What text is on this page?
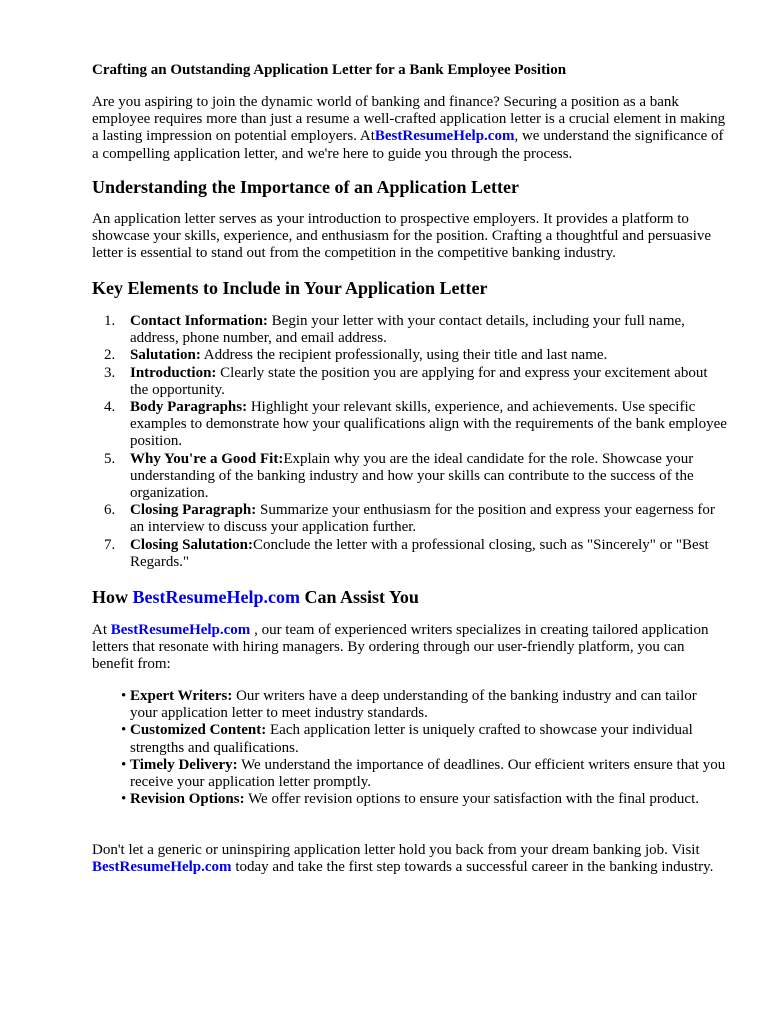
Crafting an Outstanding Application Letter for a Bank Employee Position

Are you aspiring to join the dynamic world of banking and finance? Securing a position as a bank employee requires more than just a resume a well-crafted application letter is a crucial element in making a lasting impression on potential employers. AtBestResumeHelp.com, we understand the significance of a compelling application letter, and we're here to guide you through the process.

Understanding the Importance of an Application Letter

An application letter serves as your introduction to prospective employers. It provides a platform to showcase your skills, experience, and enthusiasm for the position. Crafting a thoughtful and persuasive letter is essential to stand out from the competition in the competitive banking industry.

Key Elements to Include in Your Application Letter
1. Contact Information: Begin your letter with your contact details, including your full name, address, phone number, and email address.
2. Salutation: Address the recipient professionally, using their title and last name.
3. Introduction: Clearly state the position you are applying for and express your excitement about the opportunity.
4. Body Paragraphs: Highlight your relevant skills, experience, and achievements. Use specific examples to demonstrate how your qualifications align with the requirements of the bank employee position.
5. Why You're a Good Fit:Explain why you are the ideal candidate for the role. Showcase your understanding of the banking industry and how your skills can contribute to the success of the organization.
6. Closing Paragraph: Summarize your enthusiasm for the position and express your eagerness for an interview to discuss your application further.
7. Closing Salutation:Conclude the letter with a professional closing, such as "Sincerely" or "Best Regards."
How BestResumeHelp.com Can Assist You

At BestResumeHelp.com , our team of experienced writers specializes in creating tailored application letters that resonate with hiring managers. By ordering through our user-friendly platform, you can benefit from:

• Expert Writers: Our writers have a deep understanding of the banking industry and can tailor your application letter to meet industry standards.
• Customized Content: Each application letter is uniquely crafted to showcase your individual strengths and qualifications.
• Timely Delivery: We understand the importance of deadlines. Our efficient writers ensure that you receive your application letter promptly.
• Revision Options: We offer revision options to ensure your satisfaction with the final product.

Don't let a generic or uninspiring application letter hold you back from your dream banking job. Visit BestResumeHelp.com today and take the first step towards a successful career in the banking industry.
